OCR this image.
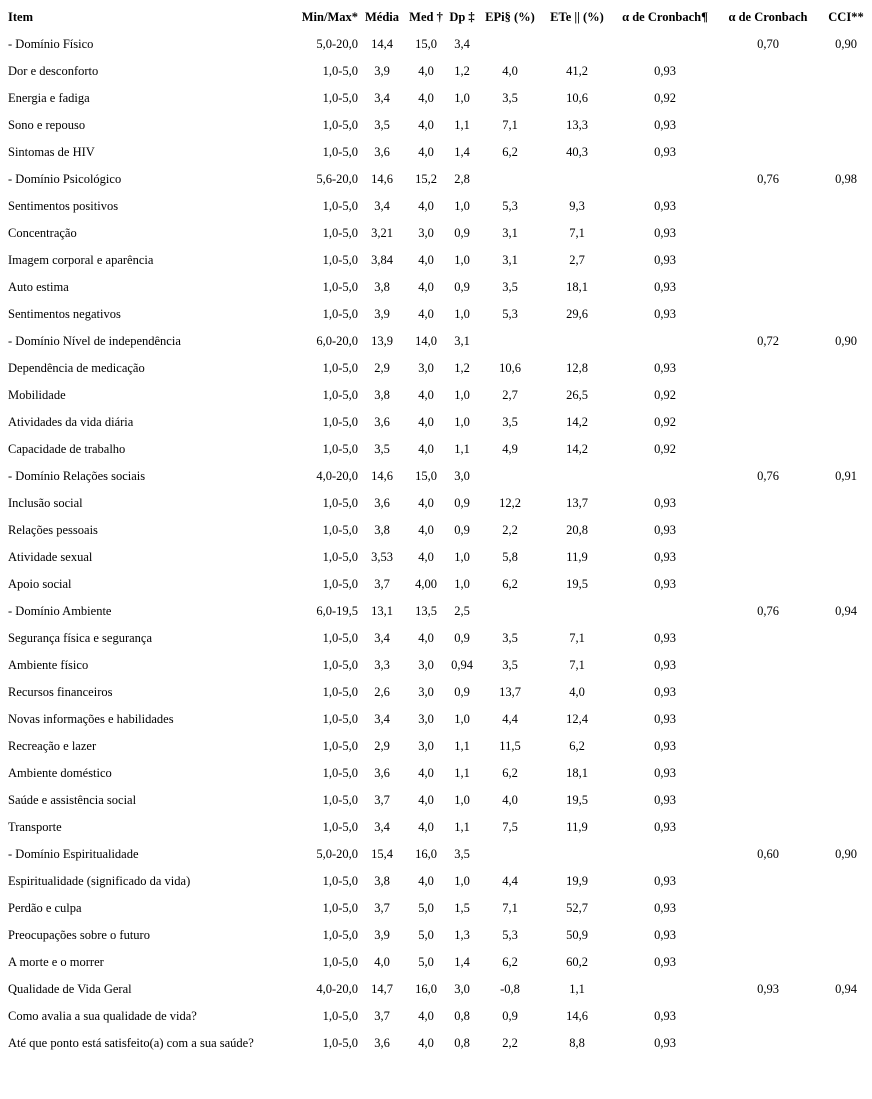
Item	Min/Max*	Média	Med †	Dp ‡	EPi§ (%)	ETe || (%)	α de Cronbach¶	α de Cronbach	CCI**
- Domínio Físico	5,0-20,0	14,4	15,0	3,4				0,70	0,90
Dor e desconforto	1,0-5,0	3,9	4,0	1,2	4,0	41,2	0,93		
Energia e fadiga	1,0-5,0	3,4	4,0	1,0	3,5	10,6	0,92		
Sono e repouso	1,0-5,0	3,5	4,0	1,1	7,1	13,3	0,93		
Sintomas de HIV	1,0-5,0	3,6	4,0	1,4	6,2	40,3	0,93		
- Domínio Psicológico	5,6-20,0	14,6	15,2	2,8				0,76	0,98
Sentimentos positivos	1,0-5,0	3,4	4,0	1,0	5,3	9,3	0,93		
Concentração	1,0-5,0	3,21	3,0	0,9	3,1	7,1	0,93		
Imagem corporal e aparência	1,0-5,0	3,84	4,0	1,0	3,1	2,7	0,93		
Auto estima	1,0-5,0	3,8	4,0	0,9	3,5	18,1	0,93		
Sentimentos negativos	1,0-5,0	3,9	4,0	1,0	5,3	29,6	0,93		
- Domínio Nível de independência	6,0-20,0	13,9	14,0	3,1				0,72	0,90
Dependência de medicação	1,0-5,0	2,9	3,0	1,2	10,6	12,8	0,93		
Mobilidade	1,0-5,0	3,8	4,0	1,0	2,7	26,5	0,92		
Atividades da vida diária	1,0-5,0	3,6	4,0	1,0	3,5	14,2	0,92		
Capacidade de trabalho	1,0-5,0	3,5	4,0	1,1	4,9	14,2	0,92		
- Domínio Relações sociais	4,0-20,0	14,6	15,0	3,0				0,76	0,91
Inclusão social	1,0-5,0	3,6	4,0	0,9	12,2	13,7	0,93		
Relações pessoais	1,0-5,0	3,8	4,0	0,9	2,2	20,8	0,93		
Atividade sexual	1,0-5,0	3,53	4,0	1,0	5,8	11,9	0,93		
Apoio social	1,0-5,0	3,7	4,00	1,0	6,2	19,5	0,93		
- Domínio Ambiente	6,0-19,5	13,1	13,5	2,5				0,76	0,94
Segurança física e segurança	1,0-5,0	3,4	4,0	0,9	3,5	7,1	0,93		
Ambiente físico	1,0-5,0	3,3	3,0	0,94	3,5	7,1	0,93		
Recursos financeiros	1,0-5,0	2,6	3,0	0,9	13,7	4,0	0,93		
Novas informações e habilidades	1,0-5,0	3,4	3,0	1,0	4,4	12,4	0,93		
Recreação e lazer	1,0-5,0	2,9	3,0	1,1	11,5	6,2	0,93		
Ambiente doméstico	1,0-5,0	3,6	4,0	1,1	6,2	18,1	0,93		
Saúde e assistência social	1,0-5,0	3,7	4,0	1,0	4,0	19,5	0,93		
Transporte	1,0-5,0	3,4	4,0	1,1	7,5	11,9	0,93		
- Domínio Espiritualidade	5,0-20,0	15,4	16,0	3,5				0,60	0,90
Espiritualidade (significado da vida)	1,0-5,0	3,8	4,0	1,0	4,4	19,9	0,93		
Perdão e culpa	1,0-5,0	3,7	5,0	1,5	7,1	52,7	0,93		
Preocupações sobre o futuro	1,0-5,0	3,9	5,0	1,3	5,3	50,9	0,93		
A morte e o morrer	1,0-5,0	4,0	5,0	1,4	6,2	60,2	0,93		
Qualidade de Vida Geral	4,0-20,0	14,7	16,0	3,0	-0,8	1,1		0,93	0,94
Como avalia a sua qualidade de vida?	1,0-5,0	3,7	4,0	0,8	0,9	14,6	0,93		
Até que ponto está satisfeito(a) com a sua saúde?	1,0-5,0	3,6	4,0	0,8	2,2	8,8	0,93		
